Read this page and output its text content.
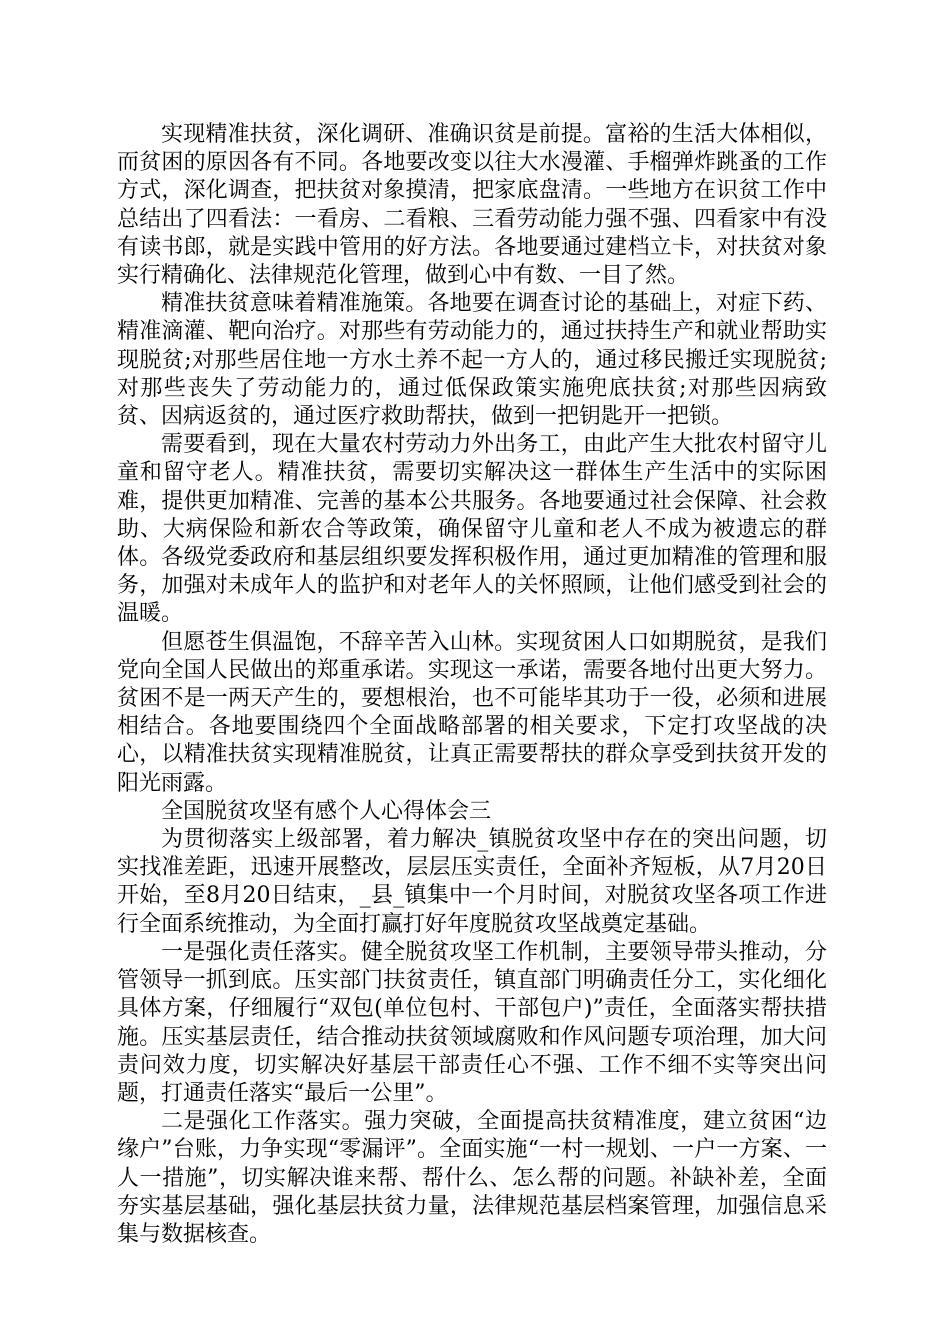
实现精准扶贫，深化调研、准确识贫是前提。富裕的生活大体相似，而贫困的原因各有不同。各地要改变以往大水漫灌、手榴弹炸跳蚤的工作方式，深化调查，把扶贫对象摸清，把家底盘清。一些地方在识贫工作中总结出了四看法：一看房、二看粮、三看劳动能力强不强、四看家中有没有读书郎，就是实践中管用的好方法。各地要通过建档立卡，对扶贫对象实行精确化、法律规范化管理，做到心中有数、一目了然。

精准扶贫意味着精准施策。各地要在调查讨论的基础上，对症下药、精准滴灌、靶向治疗。对那些有劳动能力的，通过扶持生产和就业帮助实现脱贫;对那些居住地一方水土养不起一方人的，通过移民搬迁实现脱贫;对那些丧失了劳动能力的，通过低保政策实施兜底扶贫;对那些因病致贫、因病返贫的，通过医疗救助帮扶，做到一把钥匙开一把锁。

需要看到，现在大量农村劳动力外出务工，由此产生大批农村留守儿童和留守老人。精准扶贫，需要切实解决这一群体生产生活中的实际困难，提供更加精准、完善的基本公共服务。各地要通过社会保障、社会救助、大病保险和新农合等政策，确保留守儿童和老人不成为被遗忘的群体。各级党委政府和基层组织要发挥积极作用，通过更加精准的管理和服务，加强对未成年人的监护和对老年人的关怀照顾，让他们感受到社会的温暖。

但愿苍生俱温饱，不辞辛苦入山林。实现贫困人口如期脱贫，是我们党向全国人民做出的郑重承诺。实现这一承诺，需要各地付出更大努力。贫困不是一两天产生的，要想根治，也不可能毕其功于一役，必须和进展相结合。各地要围绕四个全面战略部署的相关要求，下定打攻坚战的决心，以精准扶贫实现精准脱贫，让真正需要帮扶的群众享受到扶贫开发的阳光雨露。

全国脱贫攻坚有感个人心得体会三

为贯彻落实上级部署，着力解决_镇脱贫攻坚中存在的突出问题，切实找准差距，迅速开展整改，层层压实责任，全面补齐短板，从7月20日开始，至8月20日结束，_县_镇集中一个月时间，对脱贫攻坚各项工作进行全面系统推动，为全面打赢打好年度脱贫攻坚战奠定基础。

一是强化责任落实。健全脱贫攻坚工作机制，主要领导带头推动，分管领导一抓到底。压实部门扶贫责任，镇直部门明确责任分工，实化细化具体方案，仔细履行“双包(单位包村、干部包户)”责任，全面落实帮扶措施。压实基层责任，结合推动扶贫领域腐败和作风问题专项治理，加大问责问效力度，切实解决好基层干部责任心不强、工作不细不实等突出问题，打通责任落实“最后一公里”。

二是强化工作落实。强力突破，全面提高扶贫精准度，建立贫困“边缘户”台账，力争实现“零漏评”。全面实施“一村一规划、一户一方案、一人一措施”，切实解决谁来帮、帮什么、怎么帮的问题。补缺补差，全面夯实基层基础，强化基层扶贫力量，法律规范基层档案管理，加强信息采集与数据核查。
